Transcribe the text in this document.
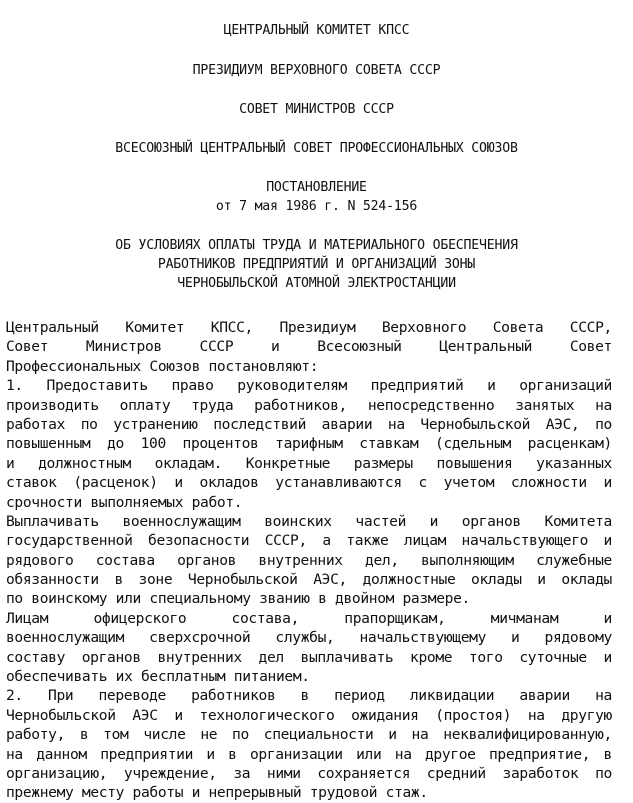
ЦЕНТРАЛЬНЫЙ КОМИТЕТ КПСС

ПРЕЗИДИУМ ВЕРХОВНОГО СОВЕТА СССР

СОВЕТ МИНИСТРОВ СССР

ВСЕСОЮЗНЫЙ ЦЕНТРАЛЬНЫЙ СОВЕТ ПРОФЕССИОНАЛЬНЫХ СОЮЗОВ

ПОСТАНОВЛЕНИЕ

от 7 мая 1986 г. N 524-156

ОБ УСЛОВИЯХ ОПЛАТЫ ТРУДА И МАТЕРИАЛЬНОГО ОБЕСПЕЧЕНИЯ

РАБОТНИКОВ ПРЕДПРИЯТИЙ И ОРГАНИЗАЦИЙ ЗОНЫ

ЧЕРНОБЫЛЬСКОЙ АТОМНОЙ ЭЛЕКТРОСТАНЦИИ

Центральный Комитет КПСС, Президиум Верховного Совета СССР,
Совет Министров СССР и Всесоюзный Центральный Совет
Профессиональных Союзов постановляют:
1. Предоставить право руководителям предприятий и организаций
производить оплату труда работников, непосредственно занятых на
работах по устранению последствий аварии на Чернобыльской АЭС, по
повышенным до 100 процентов тарифным ставкам (сдельным расценкам)
и должностным окладам. Конкретные размеры повышения указанных
ставок (расценок) и окладов устанавливаются с учетом сложности и
срочности выполняемых работ.
Выплачивать военнослужащим воинских частей и органов Комитета
государственной безопасности СССР, а также лицам начальствующего и
рядового состава органов внутренних дел, выполняющим служебные
обязанности в зоне Чернобыльской АЭС, должностные оклады и оклады
по воинскому или специальному званию в двойном размере.
Лицам офицерского состава, прапорщикам, мичманам и
военнослужащим сверхсрочной службы, начальствующему и рядовому
составу органов внутренних дел выплачивать кроме того суточные и
обеспечивать их бесплатным питанием.
2. При переводе работников в период ликвидации аварии на
Чернобыльской АЭС и технологического ожидания (простоя) на другую
работу, в том числе не по специальности и на неквалифицированную,
на данном предприятии и в организации или на другое предприятие, в
организацию, учреждение, за ними сохраняется средний заработок по
прежнему месту работы и непрерывный трудовой стаж.
